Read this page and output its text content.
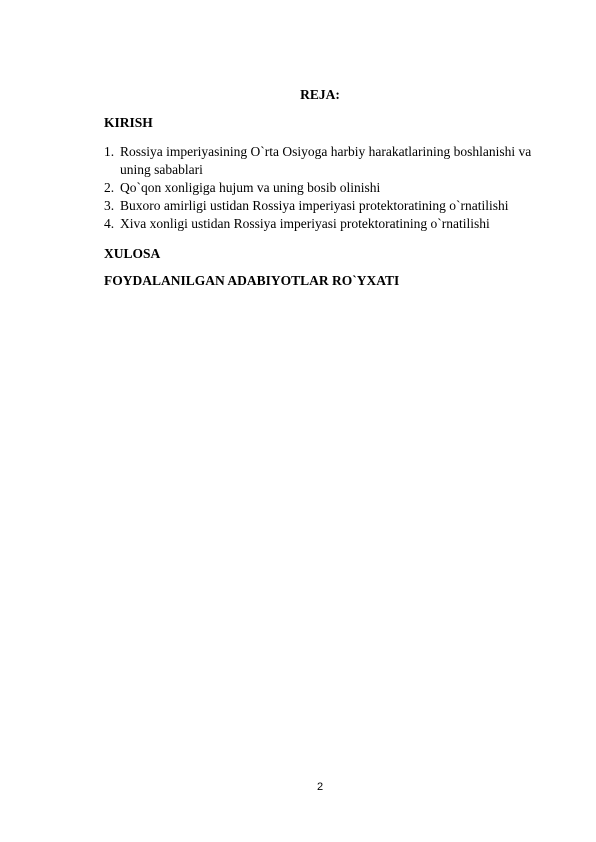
REJA:

KIRISH

1. Rossiya imperiyasining O`rta Osiyoga harbiy harakatlarining boshlanishi va uning sabablari
2. Qo`qon xonligiga hujum va uning bosib olinishi
3. Buxoro amirligi ustidan Rossiya imperiyasi protektoratining o`rnatilishi
4. Xiva xonligi ustidan Rossiya imperiyasi protektoratining o`rnatilishi

XULOSA

FOYDALANILGAN ADABIYOTLAR RO`YXATI

2
